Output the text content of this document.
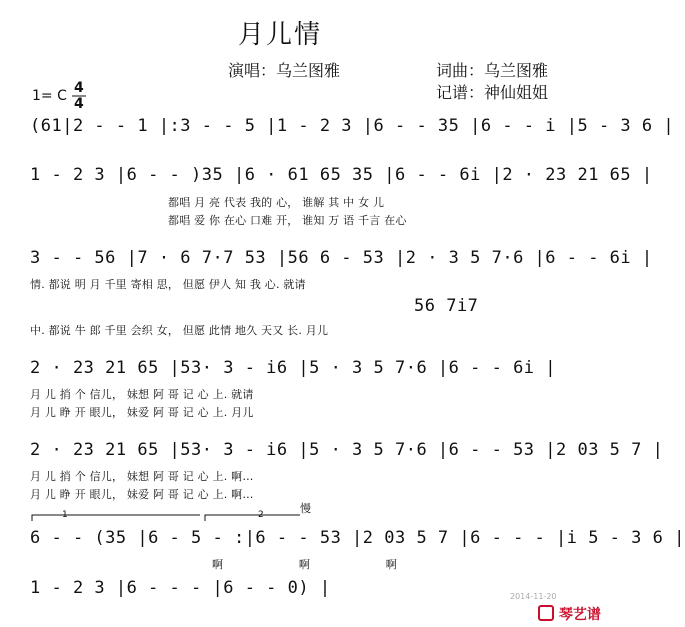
月儿情
演唱：乌兰图雅	词曲：乌兰图雅
记谱：神仙姐姐
1= C 4
4
(61|2 - - 1 |:3 - - 5 |1 - 2 3 |6 - - 35 |6 - - i |5 - 3 6 |
1 - 2 3 |6 - - )35 |6 · 61 65 35 |6 - - 6i |2 · 23 21 65 |
都唱 月 亮 代表 我的 心， 谁解 其 中 女 儿
都唱 爱 你 在心 口难 开， 谁知 万 语 千言 在心
3 - - 56 |7 · 6 7·7 53 |56 6 - 53 |2 · 3 5 7·6 |6 - - 6i |
情. 都说 明 月 千里 寄相 思， 但愿 伊人 知 我 心. 就请
56 7i7
中. 都说 牛 郎 千里 会织 女， 但愿 此情 地久 天又 长. 月儿
2 · 23 21 65 |53· 3 - i6 |5 · 3 5 7·6 |6 - - 6i |
月 儿 捎 个 信儿， 妹想 阿 哥 记 心 上. 就请
月 儿 睁 开 眼儿， 妹爱 阿 哥 记 心 上. 月儿
2 · 23 21 65 |53· 3 - i6 |5 · 3 5 7·6 |6 - - 53 |2 03 5 7 |
月 儿 捎 个 信儿， 妹想 阿 哥 记 心 上. 啊…
月 儿 睁 开 眼儿， 妹爱 阿 哥 记 心 上. 啊…
1	2	慢
6 - - (35 |6 - 5 - :|6 - - 53 |2 03 5 7 |6 - - - |i 5 - 3 6 |
啊 啊 啊
1 - 2 3 |6 - - - |6 - - 0) |	2014-11-20
琴艺谱
